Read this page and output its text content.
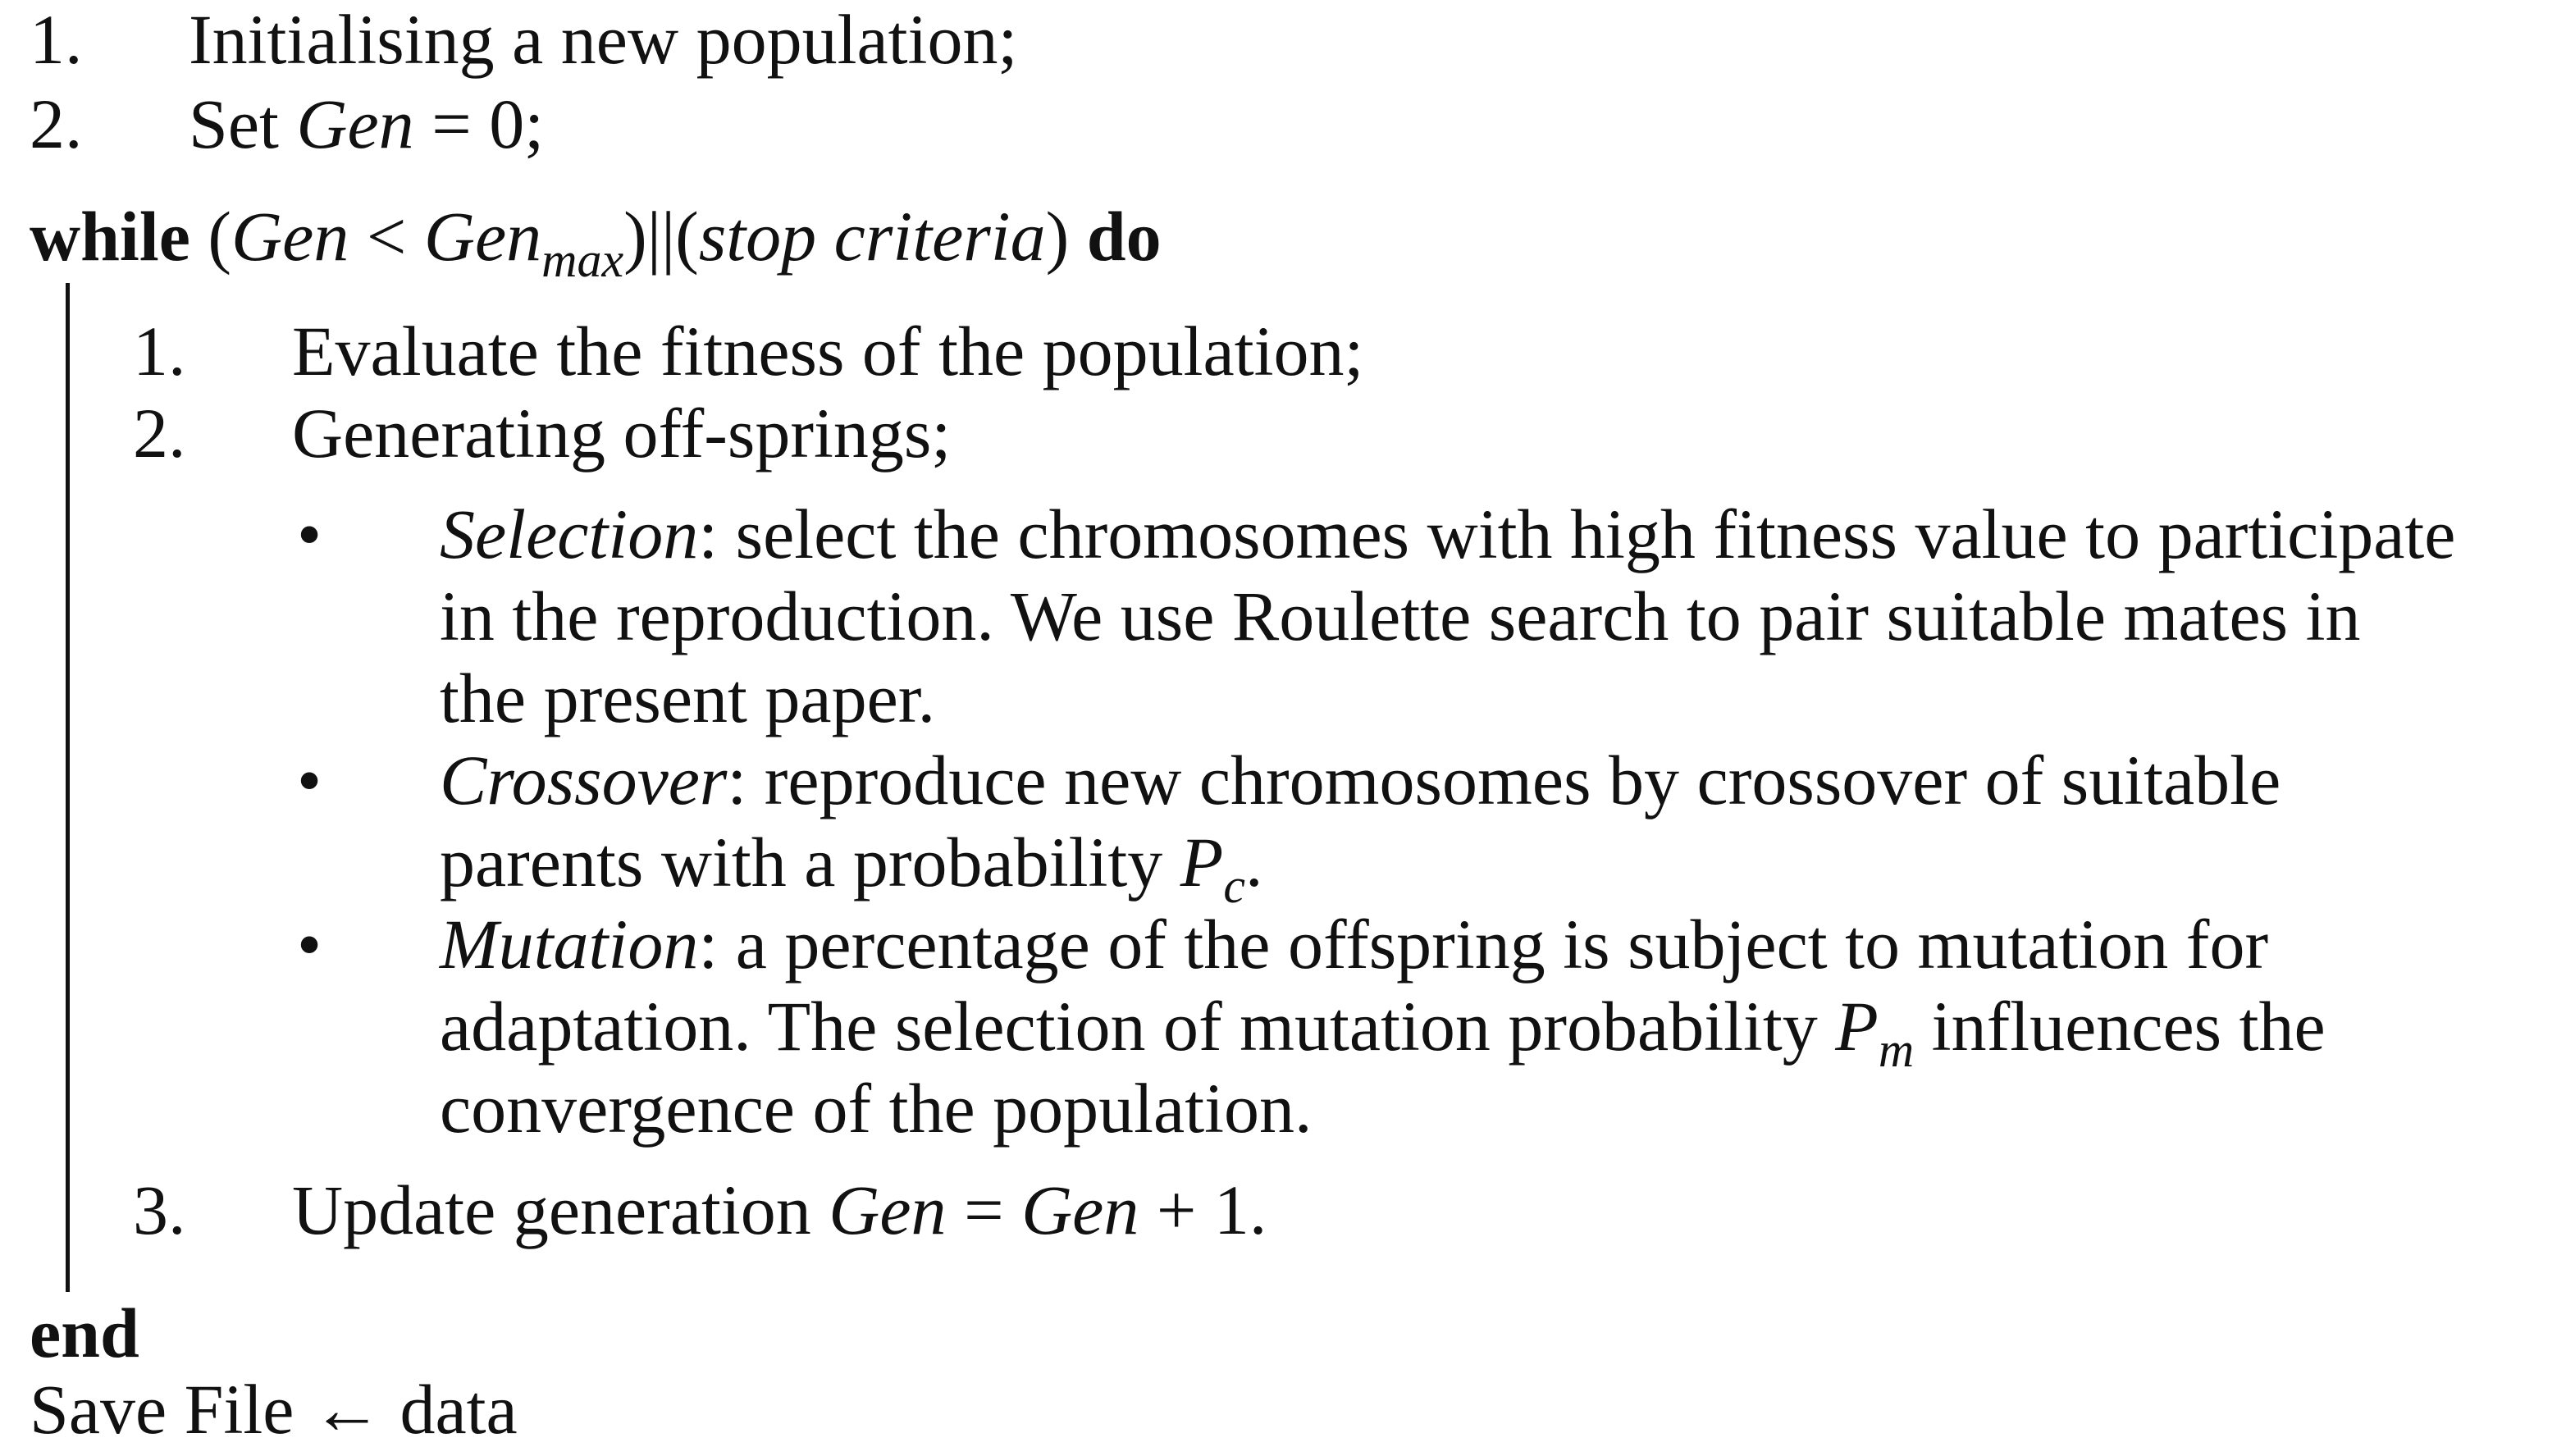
1. Initialising a new population;
2. Set Gen = 0;
while (Gen < Gen$_{max}$)||(stop criteria) do
1. Evaluate the fitness of the population;
2. Generating off-springs;
• Selection: select the chromosomes with high fitness value to participate
in the reproduction. We use Roulette search to pair suitable mates in
the present paper.
• Crossover: reproduce new chromosomes by crossover of suitable
parents with a probability $P_c$.
• Mutation: a percentage of the offspring is subject to mutation for
adaptation. The selection of mutation probability $P_m$ influences the
convergence of the population.
3. Update generation Gen = Gen + 1.
end
Save File ← data
